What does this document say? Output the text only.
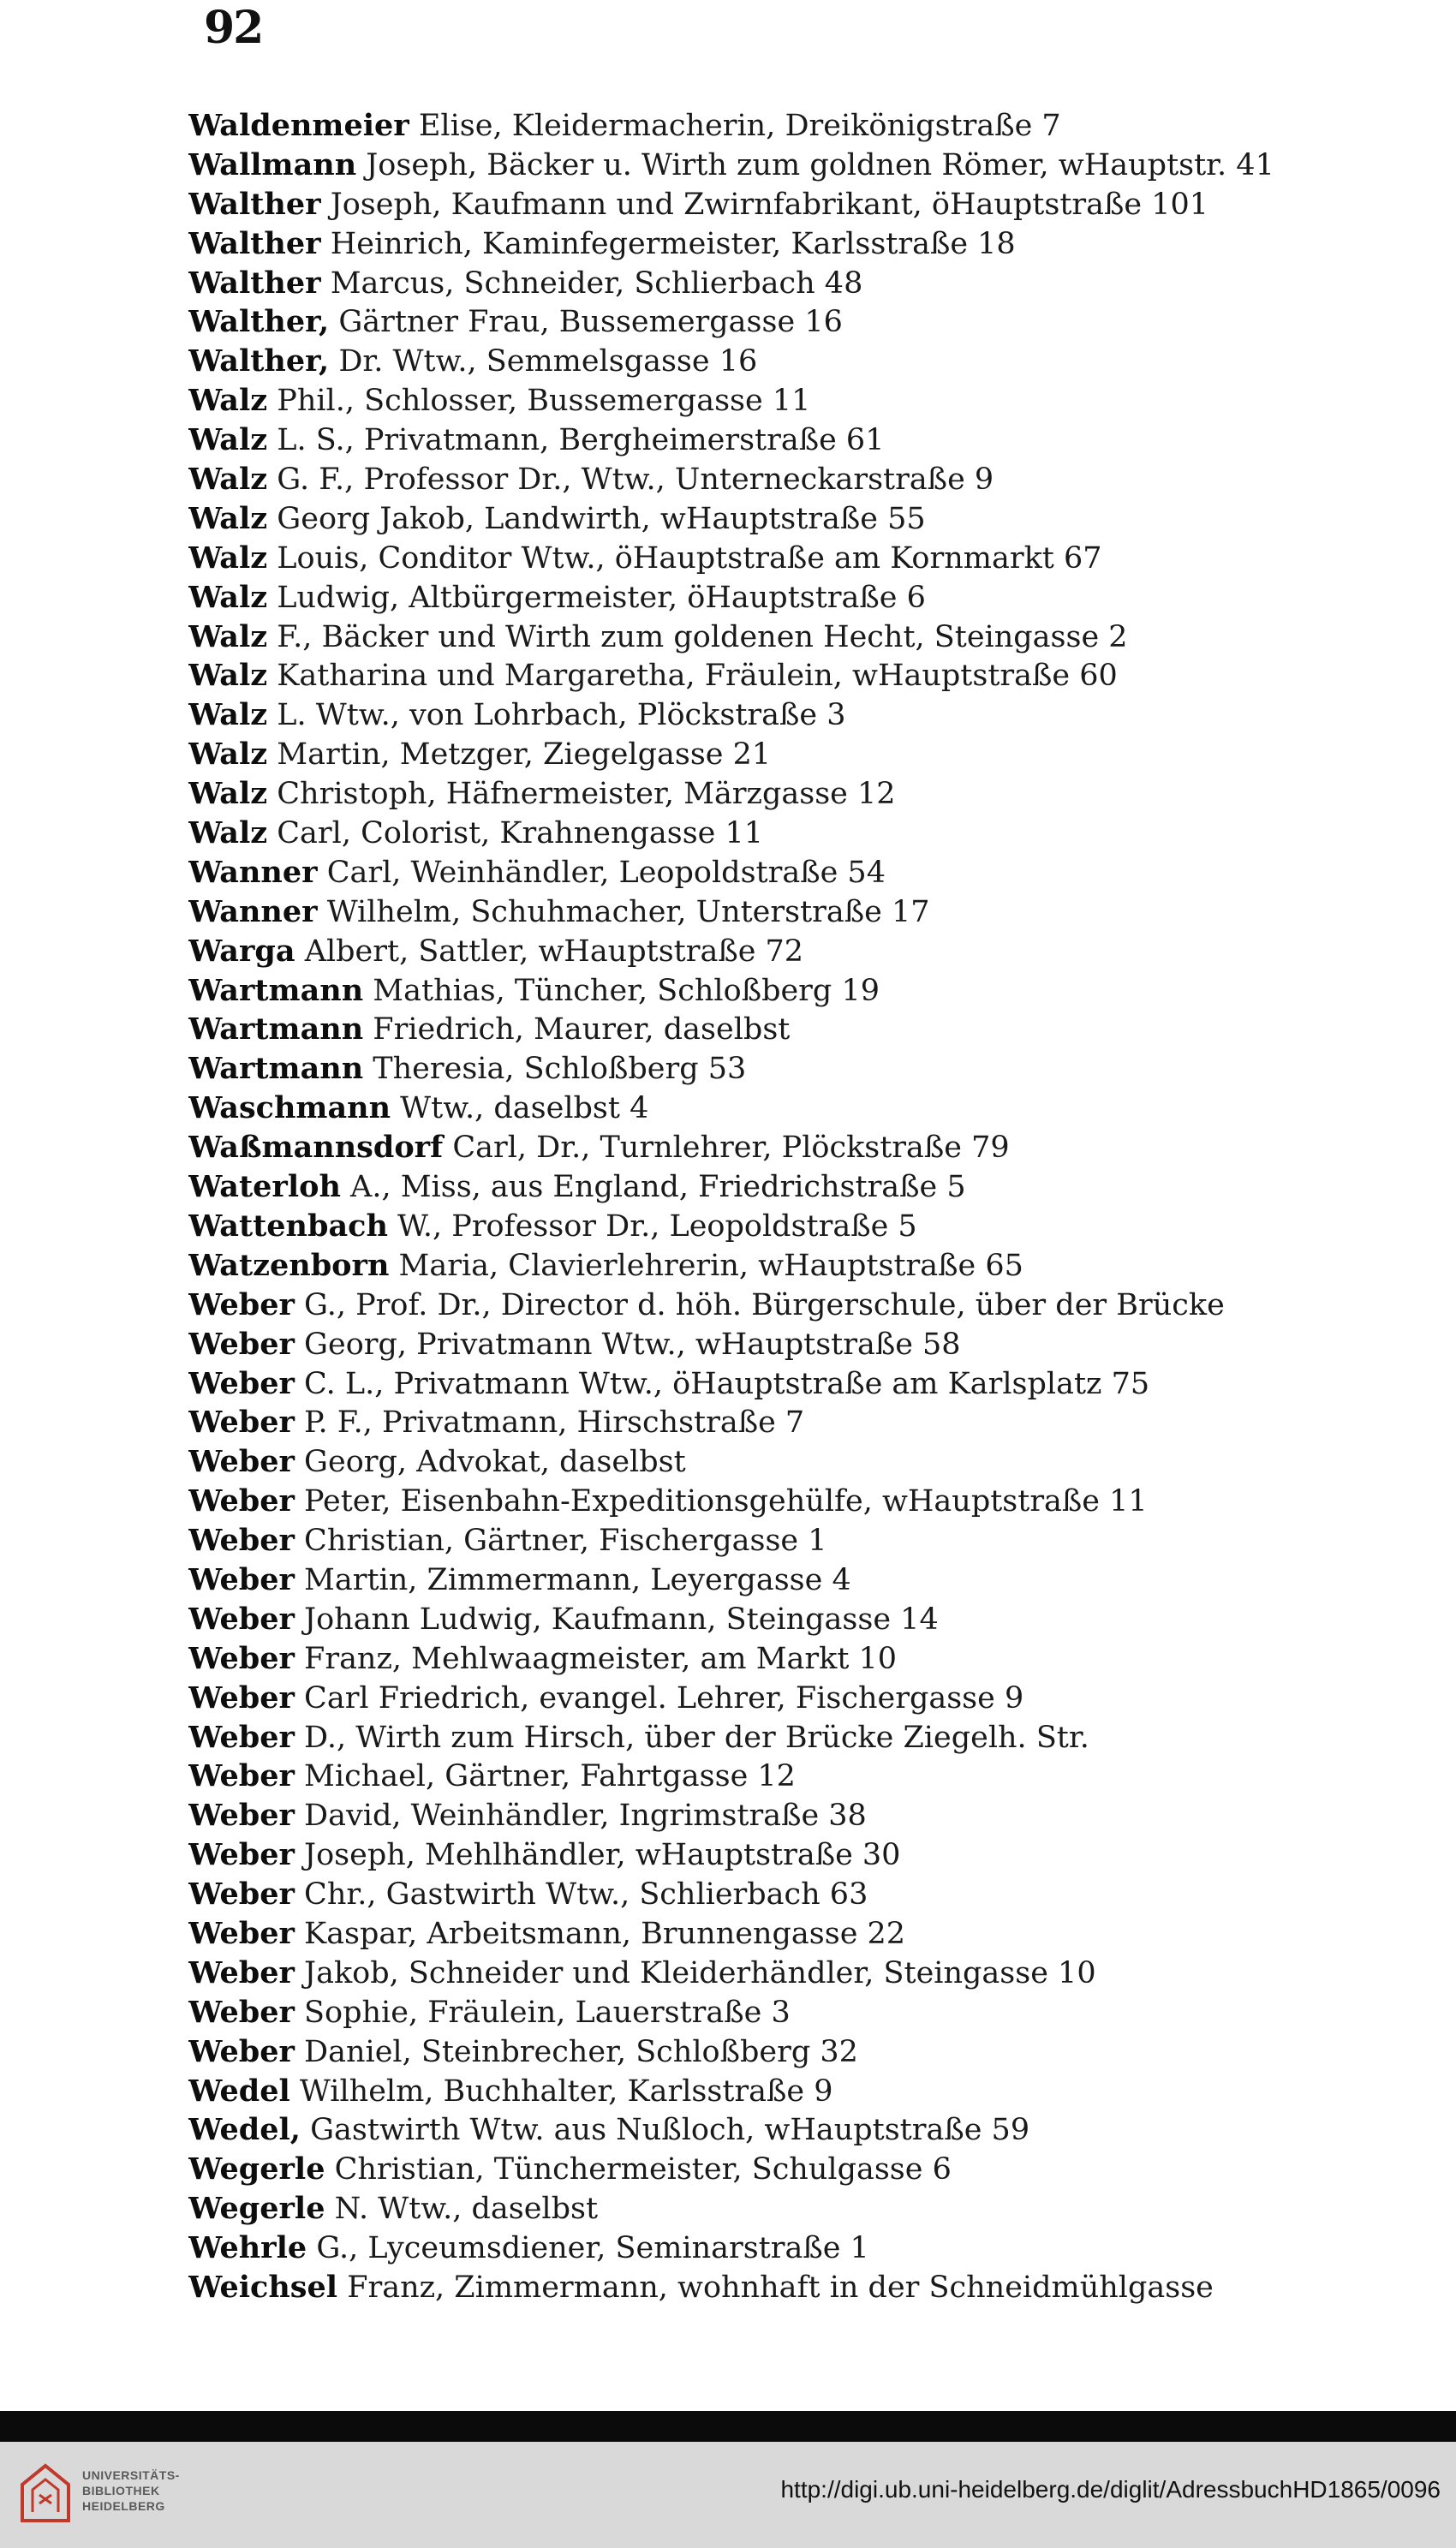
92
Waldenmeier Elise, Kleidermacherin, Dreikönigstraße 7
Wallmann Joseph, Bäcker u. Wirth zum goldnen Römer, wHauptstr. 41
Walther Joseph, Kaufmann und Zwirnfabrikant, öHauptstraße 101
Walther Heinrich, Kaminfegermeister, Karlsstraße 18
Walther Marcus, Schneider, Schlierbach 48
Walther, Gärtner Frau, Bussemergasse 16
Walther, Dr. Wtw., Semmelsgasse 16
Walz Phil., Schlosser, Bussemergasse 11
Walz L. S., Privatmann, Bergheimerstraße 61
Walz G. F., Professor Dr., Wtw., Unterneckarstraße 9
Walz Georg Jakob, Landwirth, wHauptstraße 55
Walz Louis, Conditor Wtw., öHauptstraße am Kornmarkt 67
Walz Ludwig, Altbürgermeister, öHauptstraße 6
Walz F., Bäcker und Wirth zum goldenen Hecht, Steingasse 2
Walz Katharina und Margaretha, Fräulein, wHauptstraße 60
Walz L. Wtw., von Lohrbach, Plöckstraße 3
Walz Martin, Metzger, Ziegelgasse 21
Walz Christoph, Häfnermeister, Märzgasse 12
Walz Carl, Colorist, Krahnengasse 11
Wanner Carl, Weinhändler, Leopoldstraße 54
Wanner Wilhelm, Schuhmacher, Unterstraße 17
Warga Albert, Sattler, wHauptstraße 72
Wartmann Mathias, Tüncher, Schloßberg 19
Wartmann Friedrich, Maurer, daselbst
Wartmann Theresia, Schloßberg 53
Waschmann Wtw., daselbst 4
Waßmannsdorf Carl, Dr., Turnlehrer, Plöckstraße 79
Waterloh A., Miss, aus England, Friedrichstraße 5
Wattenbach W., Professor Dr., Leopoldstraße 5
Watzenborn Maria, Clavierlehrerin, wHauptstraße 65
Weber G., Prof. Dr., Director d. höh. Bürgerschule, über der Brücke
Weber Georg, Privatmann Wtw., wHauptstraße 58
Weber C. L., Privatmann Wtw., öHauptstraße am Karlsplatz 75
Weber P. F., Privatmann, Hirschstraße 7
Weber Georg, Advokat, daselbst
Weber Peter, Eisenbahn-Expeditionsgehülfe, wHauptstraße 11
Weber Christian, Gärtner, Fischergasse 1
Weber Martin, Zimmermann, Leyergasse 4
Weber Johann Ludwig, Kaufmann, Steingasse 14
Weber Franz, Mehlwaagmeister, am Markt 10
Weber Carl Friedrich, evangel. Lehrer, Fischergasse 9
Weber D., Wirth zum Hirsch, über der Brücke Ziegelh. Str.
Weber Michael, Gärtner, Fahrtgasse 12
Weber David, Weinhändler, Ingrimstraße 38
Weber Joseph, Mehlhändler, wHauptstraße 30
Weber Chr., Gastwirth Wtw., Schlierbach 63
Weber Kaspar, Arbeitsmann, Brunnengasse 22
Weber Jakob, Schneider und Kleiderhändler, Steingasse 10
Weber Sophie, Fräulein, Lauerstraße 3
Weber Daniel, Steinbrecher, Schloßberg 32
Wedel Wilhelm, Buchhalter, Karlsstraße 9
Wedel, Gastwirth Wtw. aus Nußloch, wHauptstraße 59
Wegerle Christian, Tünchermeister, Schulgasse 6
Wegerle N. Wtw., daselbst
Wehrle G., Lyceumsdiener, Seminarstraße 1
Weichsel Franz, Zimmermann, wohnhaft in der Schneidmühlgasse
UNIVERSITÄTS-
BIBLIOTHEK
HEIDELBERG
http://digi.ub.uni-heidelberg.de/diglit/AdressbuchHD1865/0096
